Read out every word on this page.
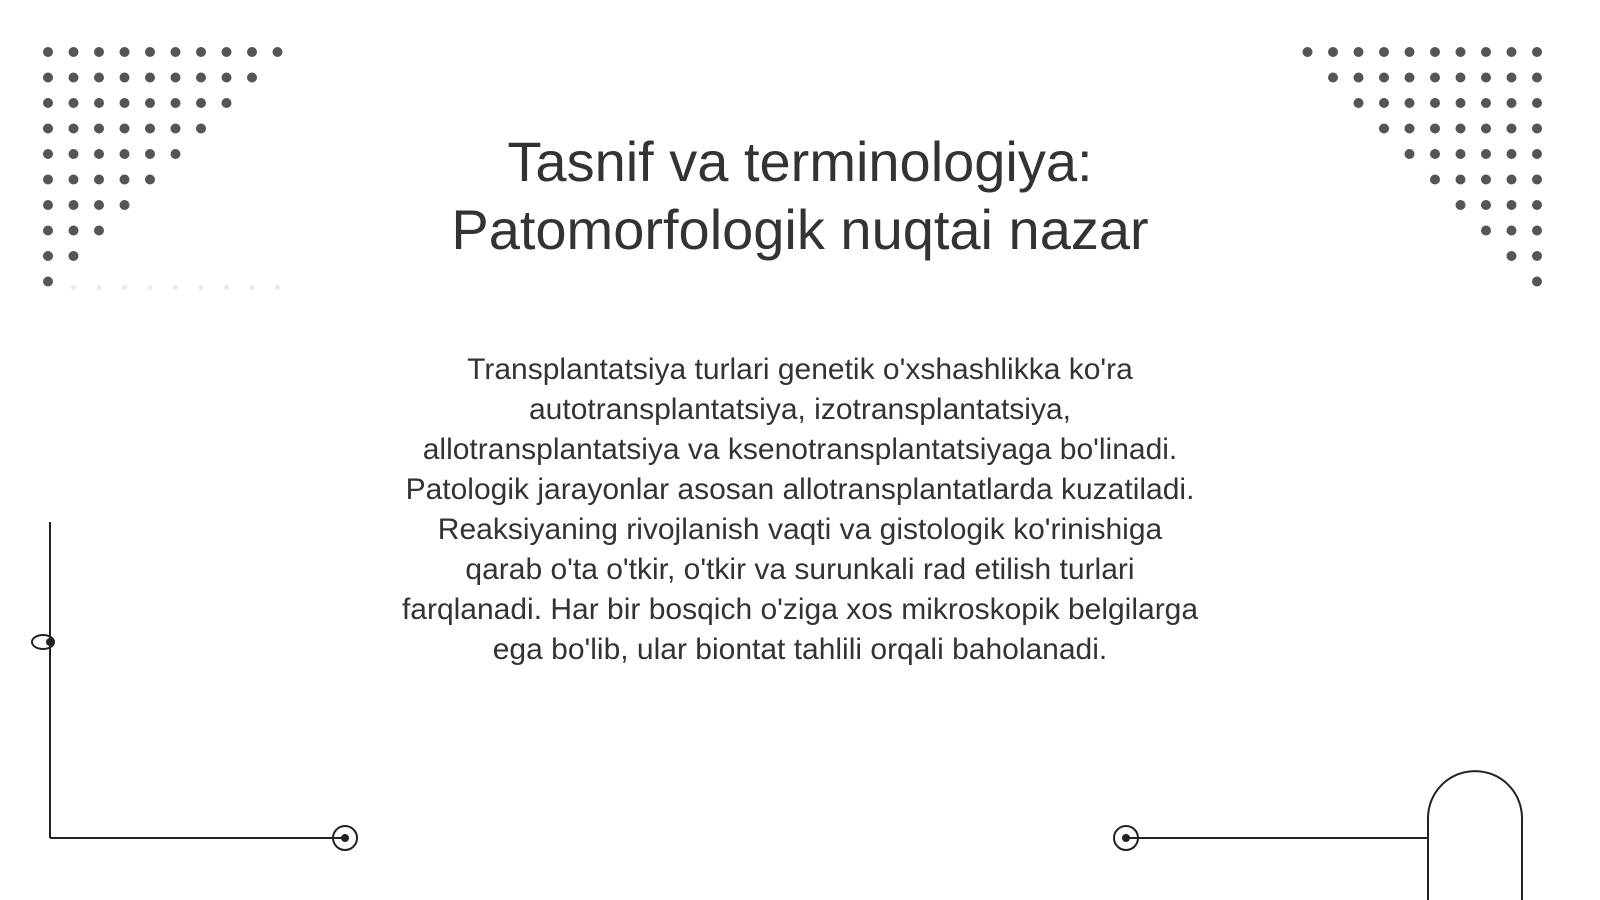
Tasnif va terminologiya:
Patomorfologik nuqtai nazar

Transplantatsiya turlari genetik o'xshashlikka ko'ra
autotransplantatsiya, izotransplantatsiya,
allotransplantatsiya va ksenotransplantatsiyaga bo'linadi.
Patologik jarayonlar asosan allotransplantatlarda kuzatiladi.
Reaksiyaning rivojlanish vaqti va gistologik ko'rinishiga
qarab o'ta o'tkir, o'tkir va surunkali rad etilish turlari
farqlanadi. Har bir bosqich o'ziga xos mikroskopik belgilarga
ega bo'lib, ular biontat tahlili orqali baholanadi.
